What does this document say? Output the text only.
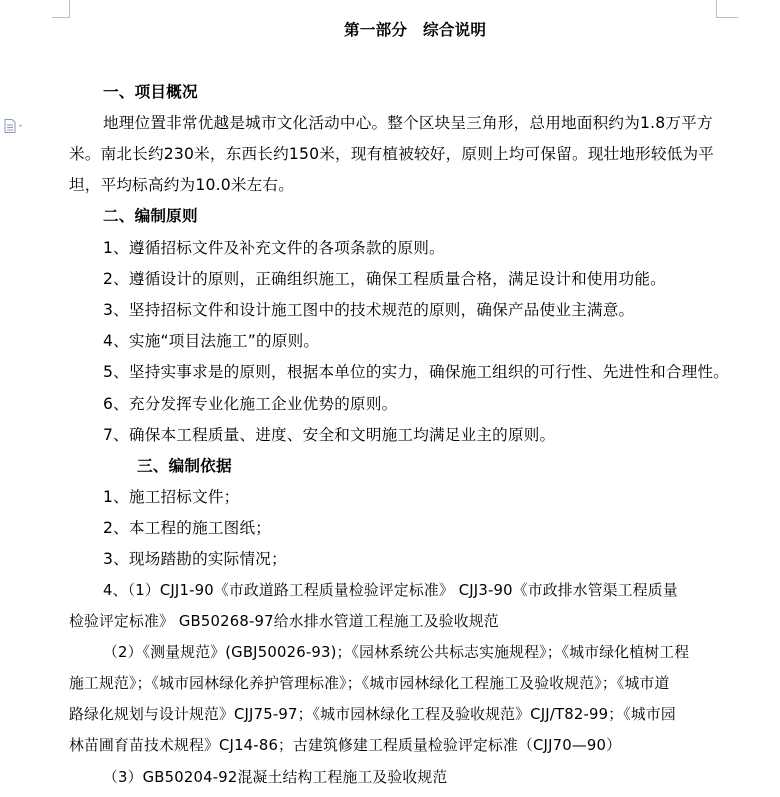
第一部分　综合说明
一、项目概况
地理位置非常优越是城市文化活动中心。整个区块呈三角形，总用地面积约为1.8万平方
米。南北长约230米，东西长约150米，现有植被较好，原则上均可保留。现壮地形较低为平
坦，平均标高约为10.0米左右。
二、编制原则
1、遵循招标文件及补充文件的各项条款的原则。
2、遵循设计的原则，正确组织施工，确保工程质量合格，满足设计和使用功能。
3、坚持招标文件和设计施工图中的技术规范的原则，确保产品使业主满意。
4、实施“项目法施工”的原则。
5、坚持实事求是的原则，根据本单位的实力，确保施工组织的可行性、先进性和合理性。
6、充分发挥专业化施工企业优势的原则。
7、确保本工程质量、进度、安全和文明施工均满足业主的原则。
三、编制依据
1、施工招标文件；
2、本工程的施工图纸；
3、现场踏勘的实际情况；
4、（1）CJJ1-90《市政道路工程质量检验评定标准》 CJJ3-90《市政排水管渠工程质量
检验评定标准》 GB50268-97给水排水管道工程施工及验收规范
（2）《测量规范》(GBJ50026-93)；《园林系统公共标志实施规程》；《城市绿化植树工程
施工规范》；《城市园林绿化养护管理标准》；《城市园林绿化工程施工及验收规范》；《城市道
路绿化规划与设计规范》CJJ75-97；《城市园林绿化工程及验收规范》CJJ/T82-99；《城市园
林苗圃育苗技术规程》CJ14-86；古建筑修建工程质量检验评定标准（CJJ70—90）
（3）GB50204-92混凝土结构工程施工及验收规范
